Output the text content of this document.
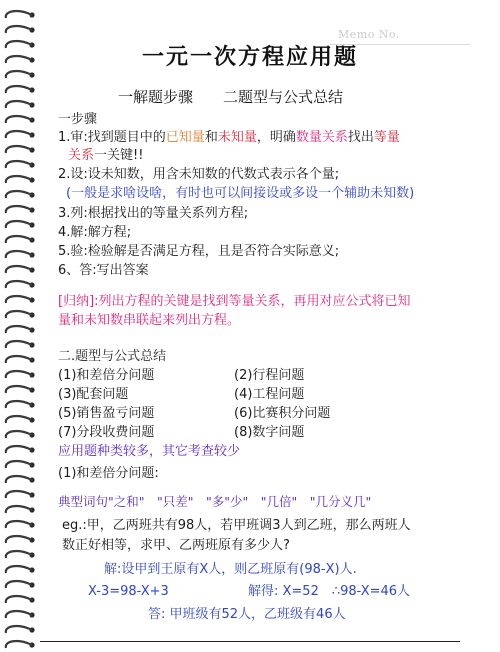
Memo No.
一元一次方程应用题
一解题步骤　　二题型与公式总结
一步骤
1.审:找到题目中的已知量和未知量，明确数量关系找出等量
关系一关键!!
2.设:设未知数，用含未知数的代数式表示各个量;
(一般是求啥设啥，有时也可以间接设或多设一个辅助未知数)
3.列:根据找出的等量关系列方程;
4.解:解方程;
5.验:检验解是否满足方程，且是否符合实际意义;
6、答:写出答案
[归纳]:列出方程的关键是找到等量关系，再用对应公式将已知
量和未知数串联起来列出方程。
二.题型与公式总结
(1)和差倍分问题	(2)行程问题
(3)配套问题	(4)工程问题
(5)销售盈亏问题	(6)比赛积分问题
(7)分段收费问题	(8)数字问题
应用题种类较多，其它考查较少
(1)和差倍分问题:
典型词句"之和"　"只差"　"多"少"　"几倍"　"几分义几"
eg.:甲，乙两班共有98人，若甲班调3人到乙班，那么两班人
数正好相等，求甲、乙两班原有多少人?
解:设甲到王原有X人，则乙班原有(98-X)人.
X-3=98-X+3	解得: X=52　∴98-X=46人
答: 甲班级有52人，乙班级有46人
